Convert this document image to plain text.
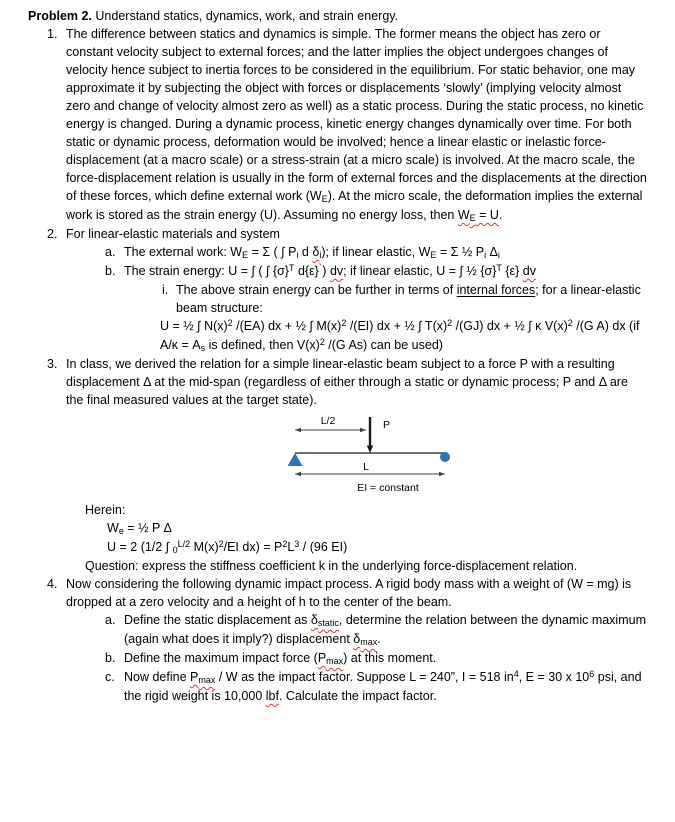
Problem 2. Understand statics, dynamics, work, and strain energy.
1. The difference between statics and dynamics is simple. The former means the object has zero or constant velocity subject to external forces; and the latter implies the object undergoes changes of velocity hence subject to inertia forces to be considered in the equilibrium. For static behavior, one may approximate it by subjecting the object with forces or displacements ‘slowly’ (implying velocity almost zero and change of velocity almost zero as well) as a static process. During the static process, no kinetic energy is changed. During a dynamic process, kinetic energy changes dynamically over time. For both static or dynamic process, deformation would be involved; hence a linear elastic or inelastic force-displacement (at a macro scale) or a stress-strain (at a micro scale) is involved. At the macro scale, the force-displacement relation is usually in the form of external forces and the displacements at the direction of these forces, which define external work (WE). At the micro scale, the deformation implies the external work is stored as the strain energy (U). Assuming no energy loss, then WE = U.
2. For linear-elastic materials and system
a. The external work: WE = Σ ( ∫ Pi d δi); if linear elastic, WE = Σ ½ Pi Δi
b. The strain energy: U = ∫ ( ∫ $\{\sigma\}^T$ d{ε} ) dv; if linear elastic, U = ∫ ½ $\{\sigma\}^T$ {ε} dv
i. The above strain energy can be further in terms of internal forces; for a linear-elastic beam structure:
U = ½ ∫ $N(x)^2$ /(EA) dx + ½ ∫ $M(x)^2$ /(EI) dx + ½ ∫ $T(x)^2$ /(GJ) dx + ½ ∫ κ $V(x)^2$ /(G A) dx (if A/κ = As is defined, then $V(x)^2$ /(G As) can be used)
3. In class, we derived the relation for a simple linear-elastic beam subject to a force P with a resulting displacement Δ at the mid-span (regardless of either through a static or dynamic process; P and Δ are the final measured values at the target state).
L/2	P
L
EI = constant
Herein:
We = ½ P Δ
U = 2 (1/2 ∫ $0^{L/2}$ $M(x)^2/EI$ $dx) = P^2L^3 / (96$ EI)
Question: express the stiffness coefficient k in the underlying force-displacement relation.
4. Now considering the following dynamic impact process. A rigid body mass with a weight of (W = mg) is dropped at a zero velocity and a height of h to the center of the beam.
a. Define the static displacement as δstatic, determine the relation between the dynamic maximum (again what does it imply?) displacement δmax.
b. Define the maximum impact force (Pmax) at this moment.
c. Now define Pmax / W as the impact factor. Suppose L = 240”, I = 518 $in^4$, E = 30 x $10^6$ psi, and the rigid weight is 10,000 lbf. Calculate the impact factor.
